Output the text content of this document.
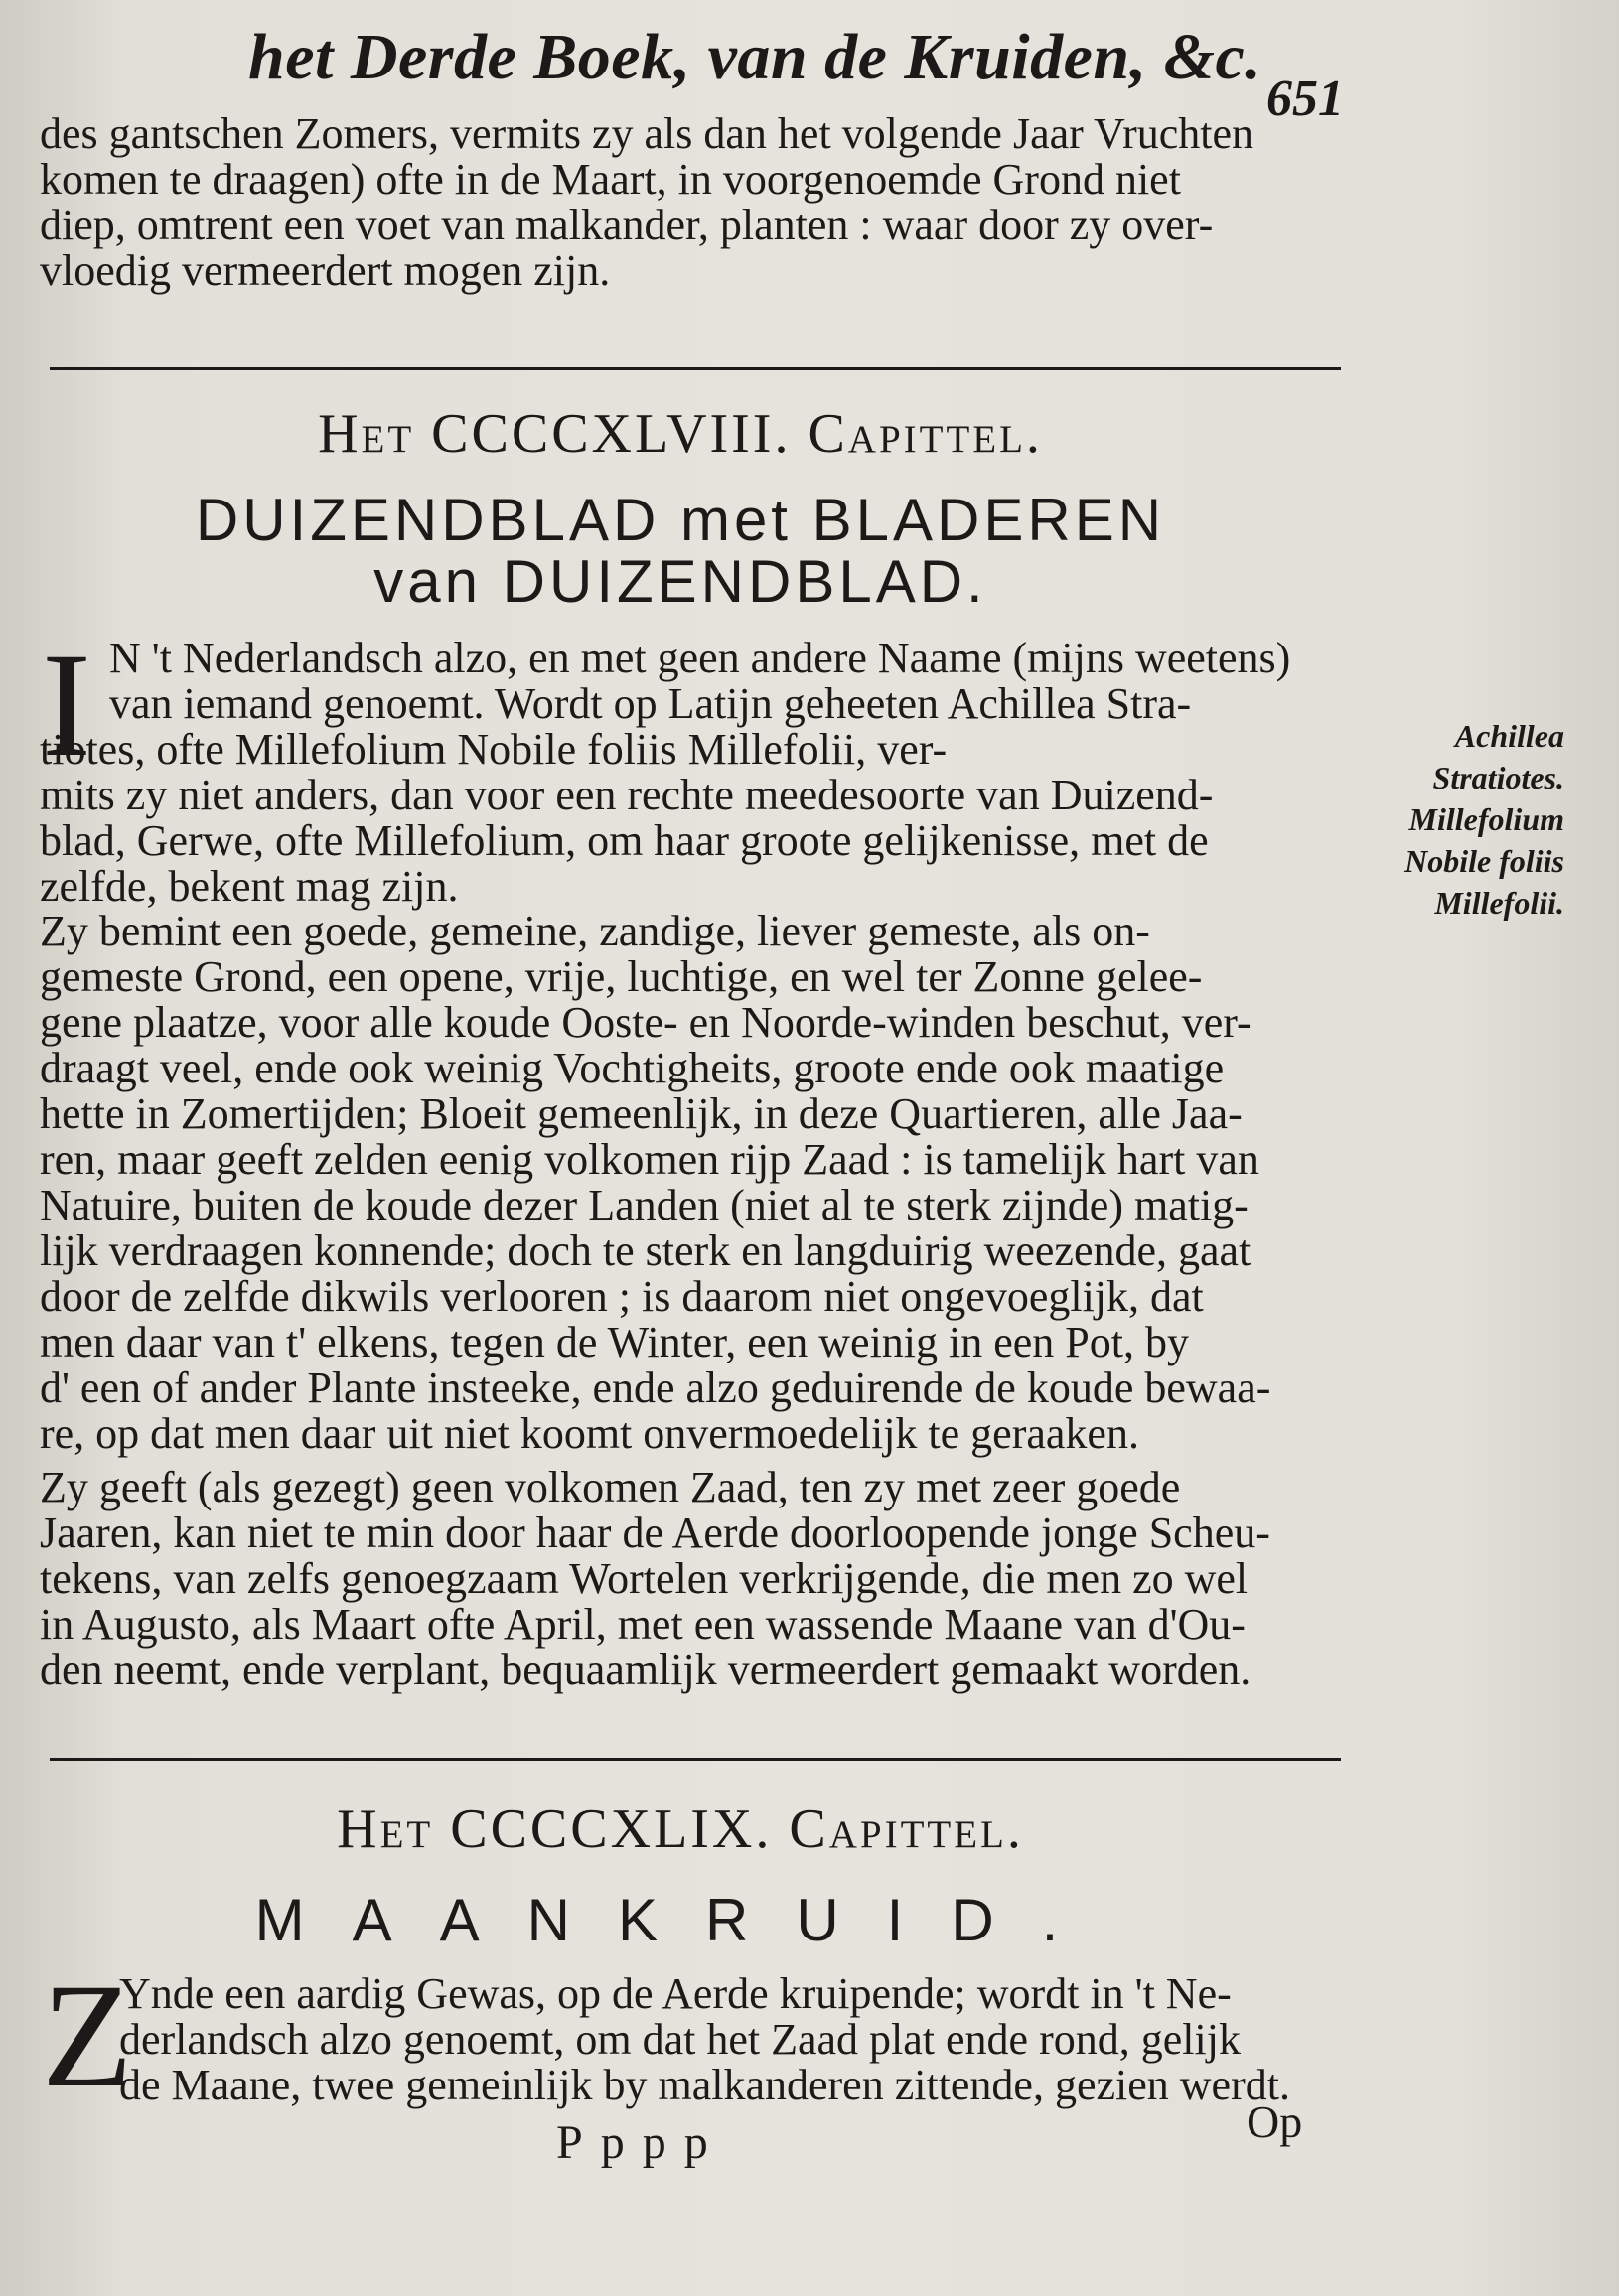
het Derde Boek, van de Kruiden, &c.
651
des gantschen Zomers, vermits zy als dan het volgende Jaar Vruchten
komen te draagen) ofte in de Maart, in voorgenoemde Grond niet
diep, omtrent een voet van malkander, planten : waar door zy over-
vloedig vermeerdert mogen zijn.
Het CCCCXLVIII. Capittel.
DUIZENDBLAD met BLADEREN
van DUIZENDBLAD.
I N 't Nederlandsch alzo, en met geen andere Naame (mijns weetens)
van iemand genoemt. Wordt op Latijn geheeten Achillea Stra-
tiotes, ofte Millefolium Nobile foliis Millefolii, ver-
mits zy niet anders, dan voor een rechte meedesoorte van Duizend-
blad, Gerwe, ofte Millefolium, om haar groote gelijkenisse, met de
zelfde, bekent mag zijn.
Achillea
Stratiotes.
Millefolium
Nobile foliis
Millefolii.
Zy bemint een goede, gemeine, zandige, liever gemeste, als on-
gemeste Grond, een opene, vrije, luchtige, en wel ter Zonne gelee-
gene plaatze, voor alle koude Ooste- en Noorde-winden beschut, ver-
draagt veel, ende ook weinig Vochtigheits, groote ende ook maatige
hette in Zomertijden; Bloeit gemeenlijk, in deze Quartieren, alle Jaa-
ren, maar geeft zelden eenig volkomen rijp Zaad : is tamelijk hart van
Natuire, buiten de koude dezer Landen (niet al te sterk zijnde) matig-
lijk verdraagen konnende; doch te sterk en langduirig weezende, gaat
door de zelfde dikwils verlooren ; is daarom niet ongevoeglijk, dat
men daar van t' elkens, tegen de Winter, een weinig in een Pot, by
d' een of ander Plante insteeke, ende alzo geduirende de koude bewaa-
re, op dat men daar uit niet koomt onvermoedelijk te geraaken.
Zy geeft (als gezegt) geen volkomen Zaad, ten zy met zeer goede
Jaaren, kan niet te min door haar de Aerde doorloopende jonge Scheu-
tekens, van zelfs genoegzaam Wortelen verkrijgende, die men zo wel
in Augusto, als Maart ofte April, met een wassende Maane van d'Ou-
den neemt, ende verplant, bequaamlijk vermeerdert gemaakt worden.
Het CCCCXLIX. Capittel.
MAANKRUID.
Z
Ynde een aardig Gewas, op de Aerde kruipende; wordt in 't Ne-
derlandsch alzo genoemt, om dat het Zaad plat ende rond, gelijk
de Maane, twee gemeinlijk by malkanderen zittende, gezien werdt.
Pppp	Op
